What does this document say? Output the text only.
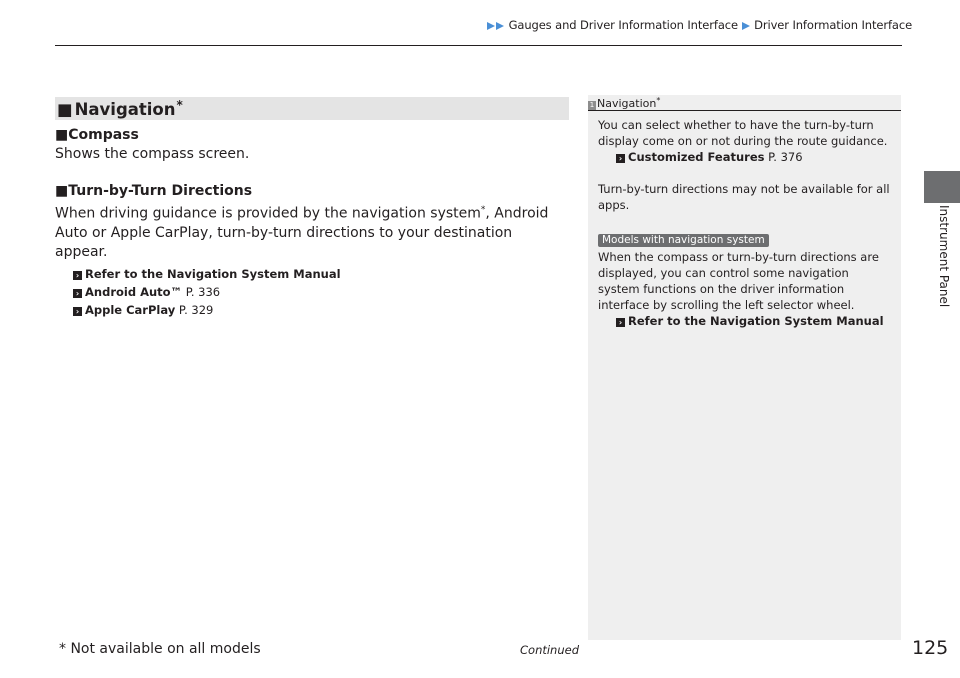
Gauges and Driver Information Interface Driver Information Interface
■ Navigation*
■Compass

Shows the compass screen.

■Turn-by-Turn Directions

When driving guidance is provided by the navigation system*, Android Auto or Apple CarPlay, turn-by-turn directions to your destination appear.

› Refer to the Navigation System Manual
› Android Auto™ P. 336
› Apple CarPlay P. 329
1 Navigation*

You can select whether to have the turn-by-turn display come on or not during the route guidance.

› Customized Features P. 376

Turn-by-turn directions may not be available for all apps.

Models with navigation system

When the compass or turn-by-turn directions are displayed, you can control some navigation system functions on the driver information interface by scrolling the left selector wheel.

› Refer to the Navigation System Manual
Instrument Panel
* Not available on all models	Continued	125
